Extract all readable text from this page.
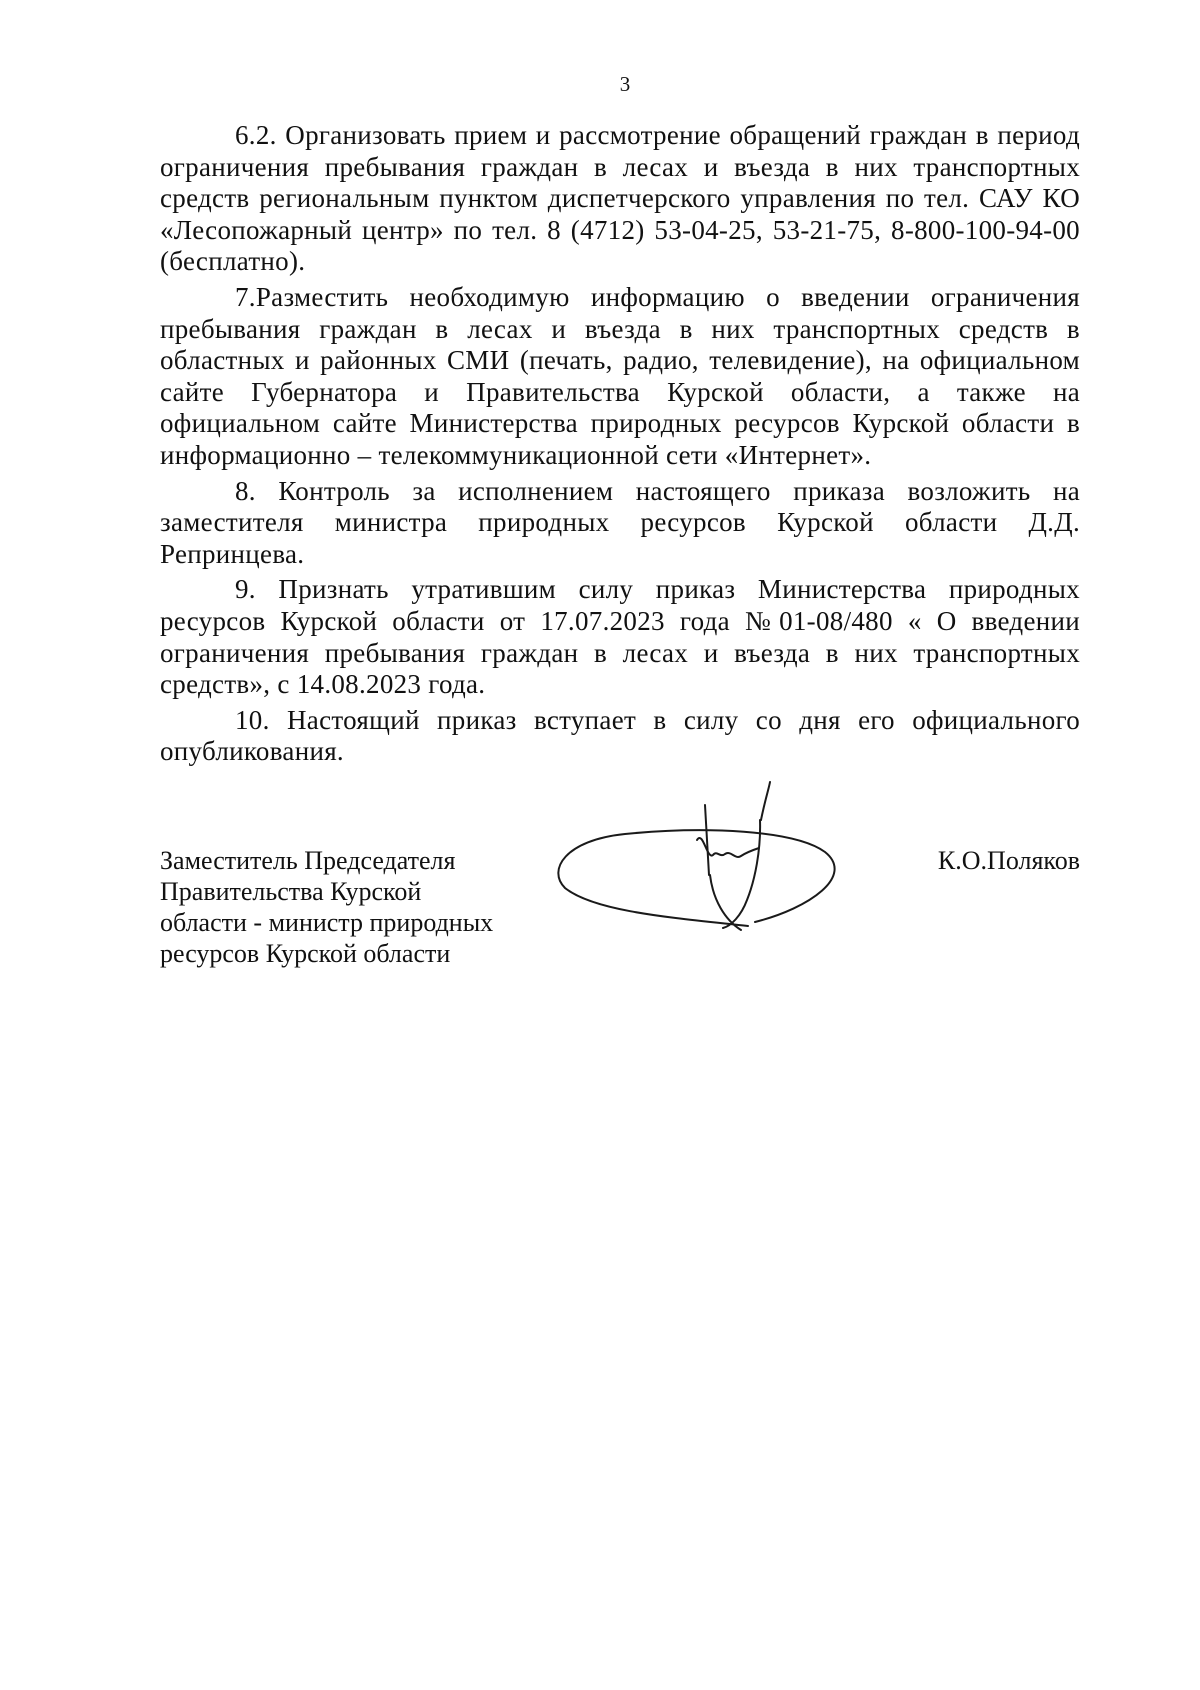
3

6.2. Организовать прием и рассмотрение обращений граждан в период ограничения пребывания граждан в лесах и въезда в них транспортных средств региональным пунктом диспетчерского управления по тел. САУ КО «Лесопожарный центр» по тел. 8 (4712) 53-04-25, 53-21-75, 8-800-100-94-00 (бесплатно).

7.Разместить необходимую информацию о введении ограничения пребывания граждан в лесах и въезда в них транспортных средств в областных и районных СМИ (печать, радио, телевидение), на официальном сайте Губернатора и Правительства Курской области, а также на официальном сайте Министерства природных ресурсов Курской области в информационно – телекоммуникационной сети «Интернет».

8. Контроль за исполнением настоящего приказа возложить на заместителя министра природных ресурсов Курской области Д.Д. Репринцева.

9. Признать утратившим силу приказ Министерства природных ресурсов Курской области от 17.07.2023 года №01-08/480 « О введении ограничения пребывания граждан в лесах и въезда в них транспортных средств», с 14.08.2023 года.

10. Настоящий приказ вступает в силу со дня его официального опубликования.

Заместитель Председателя
Правительства Курской
области - министр природных
ресурсов Курской области
К.О.Поляков
